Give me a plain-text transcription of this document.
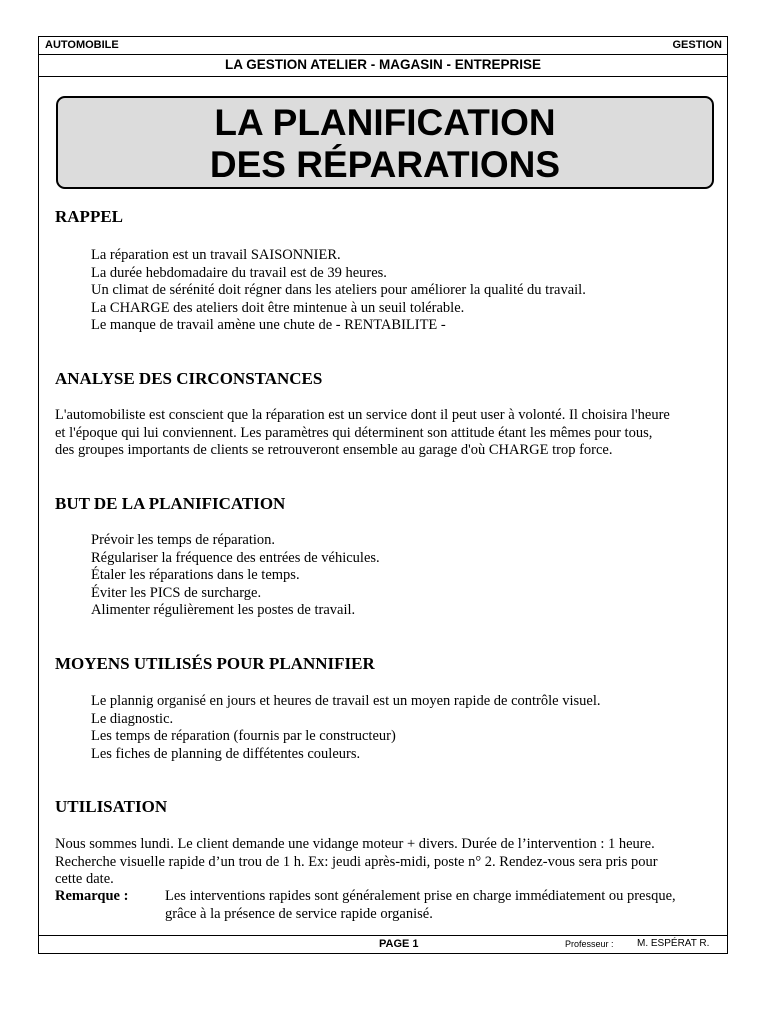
AUTOMOBILE	GESTION
LA GESTION ATELIER - MAGASIN - ENTREPRISE
LA PLANIFICATION
DES RÉPARATIONS
RAPPEL
La réparation est un travail SAISONNIER.
La durée hebdomadaire du travail est de 39 heures.
Un climat de sérénité doit régner dans les ateliers pour améliorer la qualité du travail.
La CHARGE des ateliers doit être mintenue à un seuil tolérable.
Le manque de travail amène une chute de - RENTABILITE -
ANALYSE DES CIRCONSTANCES
L'automobiliste est conscient que la réparation est un service dont il peut user à volonté. Il choisira l'heure
et l'époque qui lui conviennent. Les paramètres qui déterminent son attitude étant les mêmes pour tous,
des groupes importants de clients se retrouveront ensemble au garage d'où CHARGE trop force.
BUT DE LA PLANIFICATION
Prévoir les temps de réparation.
Régulariser la fréquence des entrées de véhicules.
Étaler les réparations dans le temps.
Éviter les PICS de surcharge.
Alimenter régulièrement les postes de travail.
MOYENS UTILISÉS POUR PLANNIFIER
Le plannig organisé en jours et heures de travail est un moyen rapide de contrôle visuel.
Le diagnostic.
Les temps de réparation (fournis par le constructeur)
Les fiches de planning de diffétentes couleurs.
UTILISATION
Nous sommes lundi. Le client demande une vidange moteur + divers. Durée de l’intervention : 1 heure.
Recherche visuelle rapide d’un trou de 1 h. Ex: jeudi après-midi, poste n° 2. Rendez-vous sera pris pour
cette date.
Remarque :	Les interventions rapides sont généralement prise en charge immédiatement ou presque,
grâce à la présence de service rapide organisé.
PAGE 1	Professeur : M. ESPÉRAT R.
